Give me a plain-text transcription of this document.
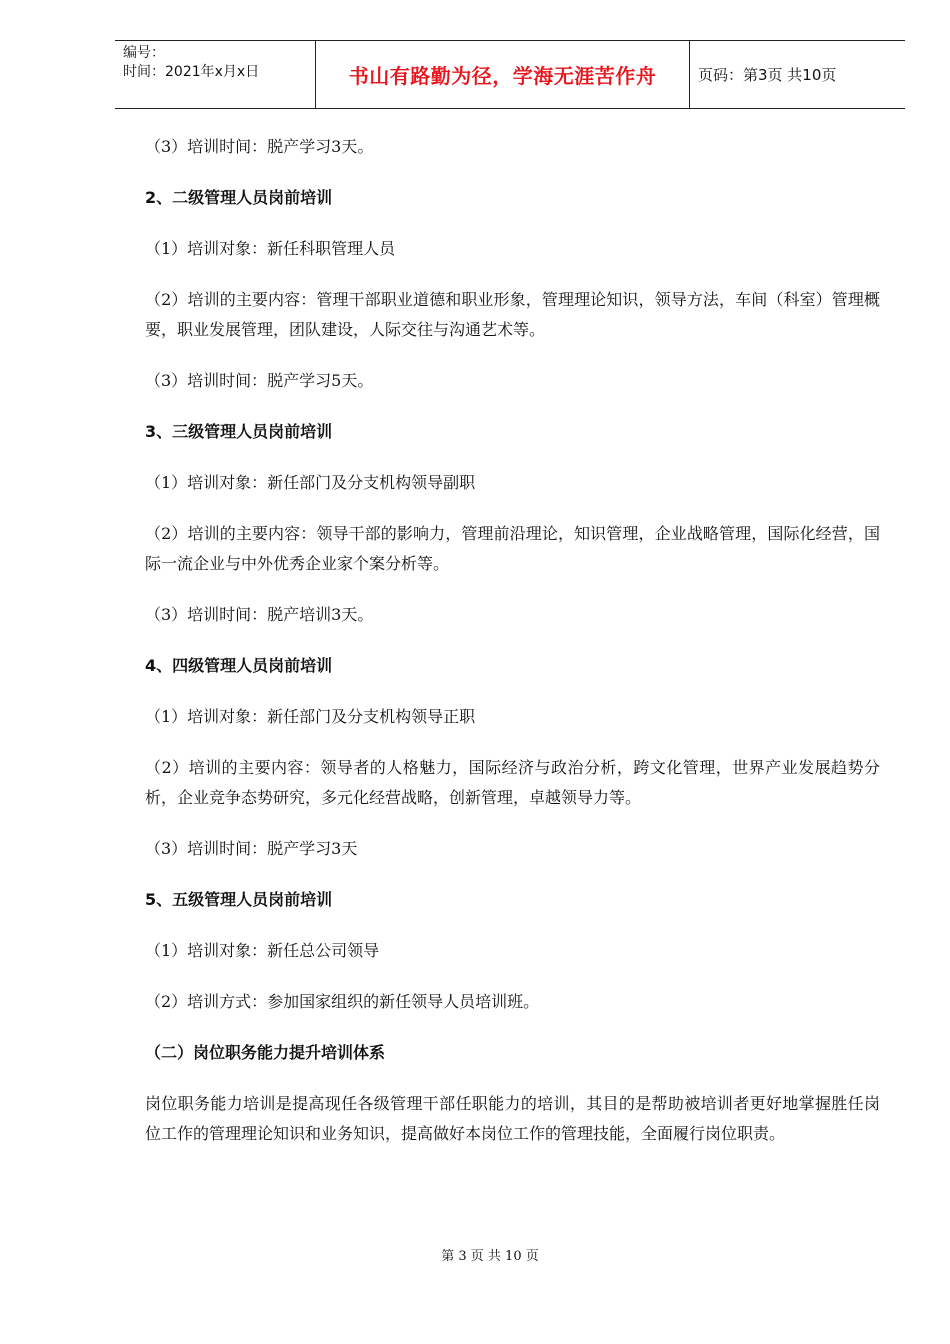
编号：
时间：2021年x月x日	书山有路勤为径，学海无涯苦作舟	页码：第3页 共10页

（3）培训时间：脱产学习3天。

2、二级管理人员岗前培训

（1）培训对象：新任科职管理人员

（2）培训的主要内容：管理干部职业道德和职业形象，管理理论知识，领导方法，车间（科室）管理概要，职业发展管理，团队建设，人际交往与沟通艺术等。

（3）培训时间：脱产学习5天。

3、三级管理人员岗前培训

（1）培训对象：新任部门及分支机构领导副职

（2）培训的主要内容：领导干部的影响力，管理前沿理论，知识管理，企业战略管理，国际化经营，国际一流企业与中外优秀企业家个案分析等。

（3）培训时间：脱产培训3天。

4、四级管理人员岗前培训

（1）培训对象：新任部门及分支机构领导正职

（2）培训的主要内容：领导者的人格魅力，国际经济与政治分析，跨文化管理，世界产业发展趋势分析，企业竞争态势研究，多元化经营战略，创新管理，卓越领导力等。

（3）培训时间：脱产学习3天

5、五级管理人员岗前培训

（1）培训对象：新任总公司领导

（2）培训方式：参加国家组织的新任领导人员培训班。

（二）岗位职务能力提升培训体系

岗位职务能力培训是提高现任各级管理干部任职能力的培训，其目的是帮助被培训者更好地掌握胜任岗位工作的管理理论知识和业务知识，提高做好本岗位工作的管理技能，全面履行岗位职责。

第 3 页 共 10 页
